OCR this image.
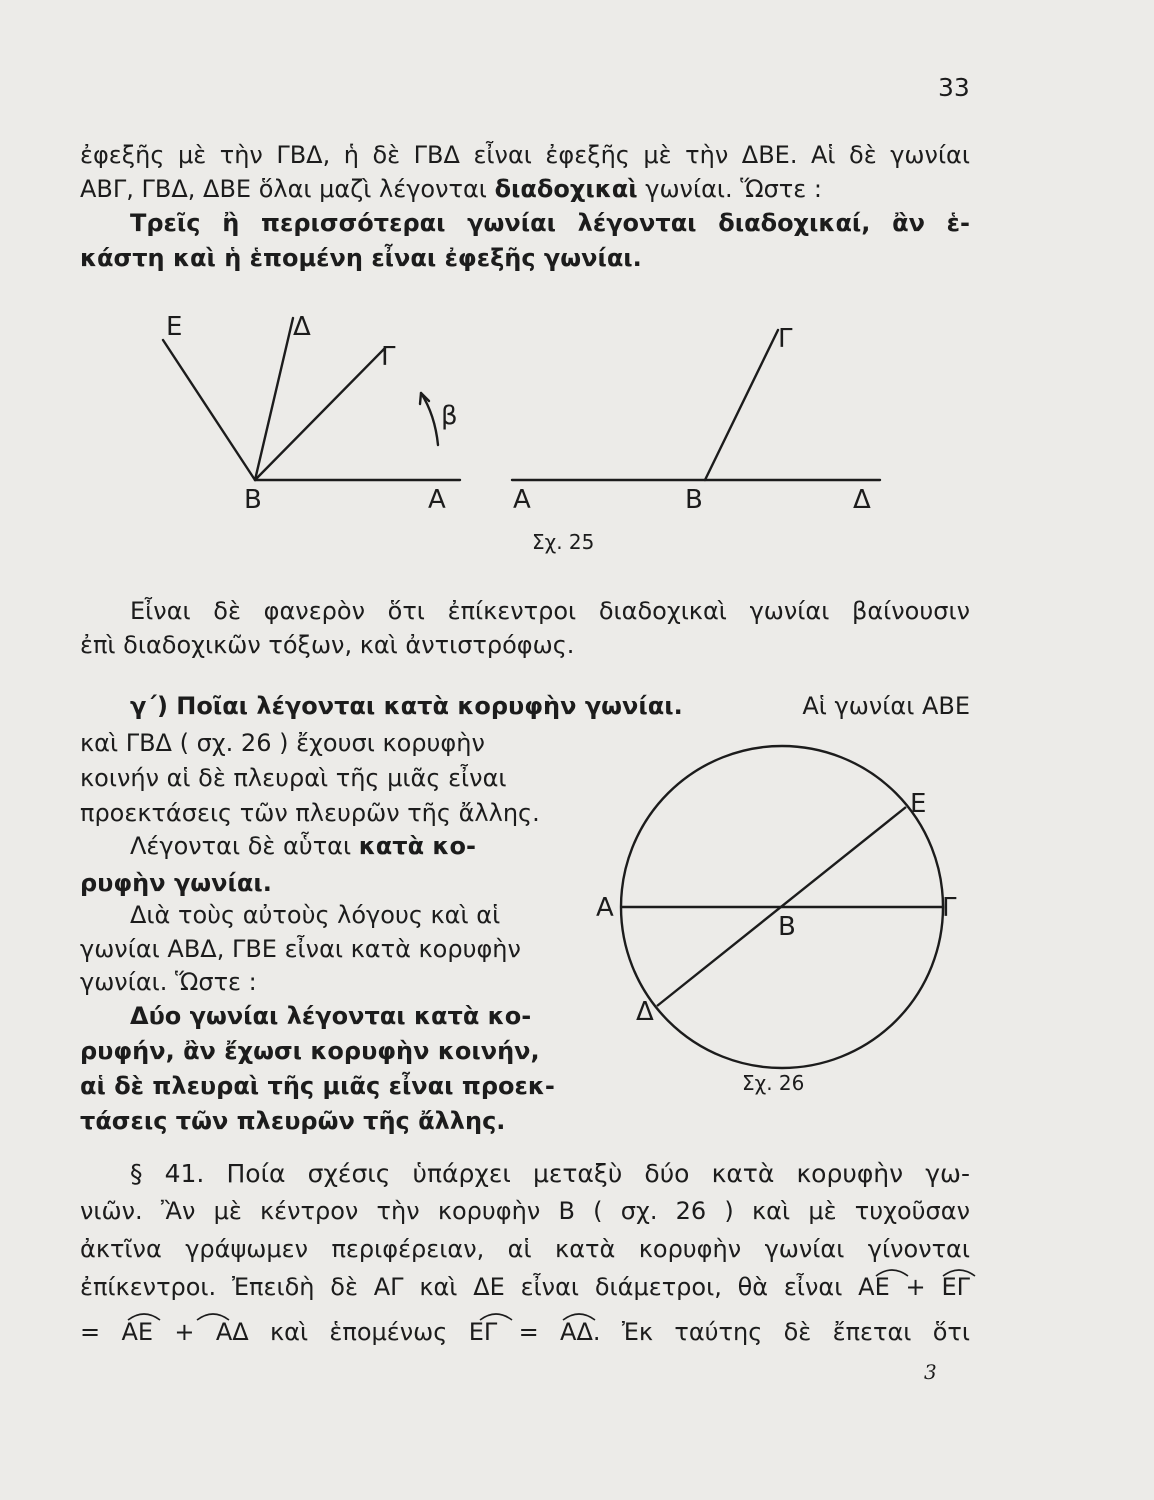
33
ἐφεξῆς μὲ τὴν ΓΒΔ, ἡ δὲ ΓΒΔ εἶναι ἐφεξῆς μὲ τὴν ΔΒΕ. Αἱ δὲ γωνίαι
ΑΒΓ, ΓΒΔ, ΔΒΕ ὅλαι μαζὶ λέγονται διαδοχικαὶ γωνίαι. Ὥστε :
Τρεῖς ἢ περισσότεραι γωνίαι λέγονται διαδοχικαί, ἂν ἑ-
κάστη καὶ ἡ ἑπομένη εἶναι ἐφεξῆς γωνίαι.
Ε	Δ
Γ
β
Β	Α	Α	Β	Δ
Γ
Σχ. 25
Εἶναι δὲ φανερὸν ὅτι ἐπίκεντροι διαδοχικαὶ γωνίαι βαίνουσιν
ἐπὶ διαδοχικῶν τόξων, καὶ ἀντιστρόφως.
γ΄) Ποῖαι λέγονται κατὰ κορυφὴν γωνίαι.	Αἱ γωνίαι ΑΒΕ
καὶ ΓΒΔ ( σχ. 26 ) ἔχουσι κορυφὴν
κοινήν αἱ δὲ πλευραὶ τῆς μιᾶς εἶναι
προεκτάσεις τῶν πλευρῶν τῆς ἄλλης.
Λέγονται δὲ αὗται κατὰ κο-
ρυφὴν γωνίαι.
Διὰ τοὺς αὐτοὺς λόγους καὶ αἱ
γωνίαι ΑΒΔ, ΓΒΕ εἶναι κατὰ κορυφὴν
γωνίαι. Ὥστε :
Δύο γωνίαι λέγονται κατὰ κο-
ρυφήν, ἂν ἔχωσι κορυφὴν κοινήν,
αἱ δὲ πλευραὶ τῆς μιᾶς εἶναι προεκ-
τάσεις τῶν πλευρῶν τῆς ἄλλης.
Ε
Α	Γ
Β
Δ
Σχ. 26
§ 41. Ποία σχέσις ὑπάρχει μεταξὺ δύο κατὰ κορυφὴν γω-
νιῶν. Ἂν μὲ κέντρον τὴν κορυφὴν Β ( σχ. 26 ) καὶ μὲ τυχοῦσαν
ἀκτῖνα γράψωμεν περιφέρειαν, αἱ κατὰ κορυφὴν γωνίαι γίνονται
ἐπίκεντροι. Ἐπειδὴ δὲ ΑΓ καὶ ΔΕ εἶναι διάμετροι, θὰ εἶναι ΑΕ + ΕΓ
= ΑΕ + ΑΔ καὶ ἑπομένως ΕΓ = ΑΔ. Ἐκ ταύτης δὲ ἔπεται ὅτι
3
